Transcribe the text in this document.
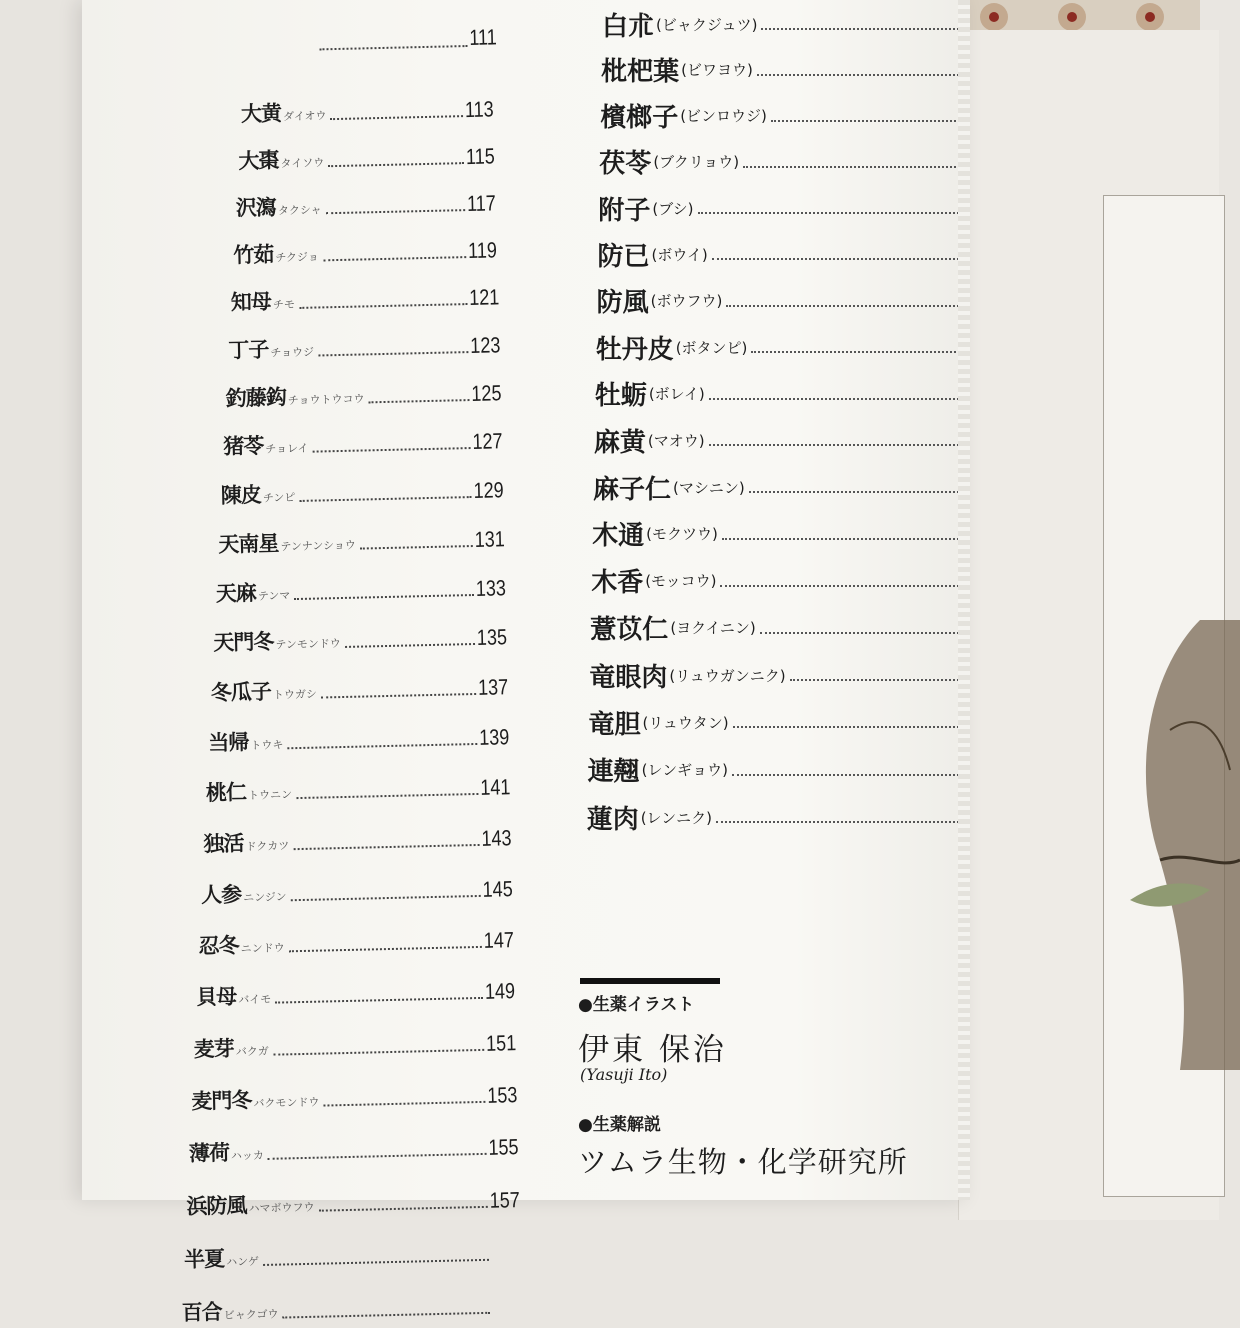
111
大黄 ダイオウ	113
大棗 タイソウ	115
沢瀉 タクシャ	117
竹茹 チクジョ	119
知母 チモ	121
丁子 チョウジ	123
釣藤鈎 チョウトウコウ	125
猪苓 チョレイ	127
陳皮 チンピ	129
天南星 テンナンショウ	131
天麻 テンマ	133
天門冬 テンモンドウ	135
冬瓜子 トウガシ	137
当帰 トウキ	139
桃仁 トウニン	141
独活 ドクカツ	143
人参 ニンジン	145
忍冬 ニンドウ	147
貝母 バイモ	149
麦芽 バクガ	151
麦門冬 バクモンドウ	153
薄荷 ハッカ	155
浜防風 ハマボウフウ	157
半夏 ハンゲ
百合 ビャクゴウ
●生薬イラスト
伊東 保治
(Yasuji Ito)
●生薬解説
ツムラ生物・化学研究所
白朮 (ビャクジュツ)
枇杷葉 (ビワヨウ)
檳榔子 (ビンロウジ)
茯苓 (ブクリョウ)
附子 (ブシ)
防已 (ボウイ)
防風 (ボウフウ)
牡丹皮 (ボタンピ)
牡蛎 (ボレイ)
麻黄 (マオウ)
麻子仁 (マシニン)
木通 (モクツウ)
木香 (モッコウ)
薏苡仁 (ヨクイニン)
竜眼肉 (リュウガンニク)
竜胆 (リュウタン)
連翹 (レンギョウ)
蓮肉 (レンニク)
